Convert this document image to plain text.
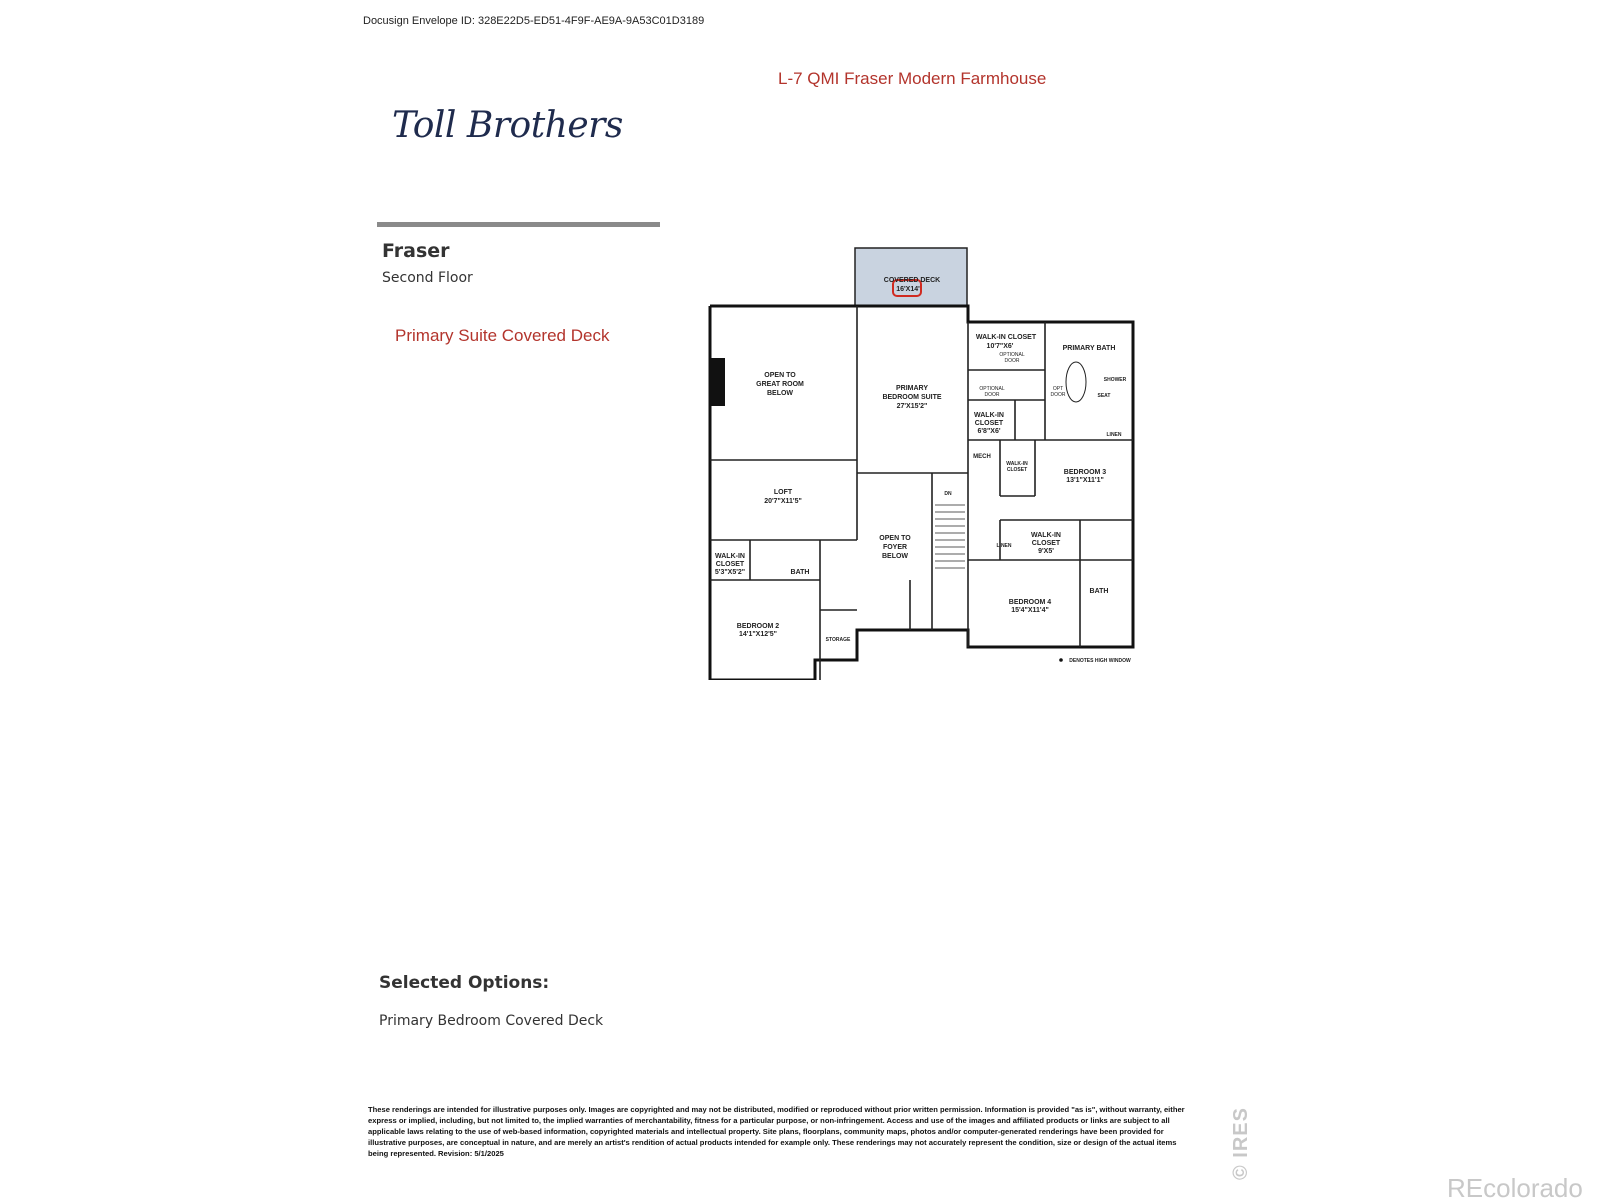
Docusign Envelope ID: 328E22D5-ED51-4F9F-AE9A-9A53C01D3189
L-7 QMI Fraser Modern Farmhouse
Toll Brothers
Fraser
Second Floor
Primary Suite Covered Deck
COVERED DECK
16'X14'
OPEN TO
GREAT ROOM
BELOW
PRIMARY
BEDROOM SUITE
27'X15'2"
WALK-IN CLOSET
10'7"X6'
OPTIONAL
DOOR
OPTIONAL
DOOR
OPT
DOOR
PRIMARY BATH
SHOWER
SEAT
WALK-IN
CLOSET
6'8"X6'	LINEN
MECH
WALK-IN
CLOSET	BEDROOM 3
13'1"X11'1"
LOFT
20'7"X11'5"
DN
OPEN TO
FOYER
BELOW
LINEN
WALK-IN
CLOSET
9'X5'
WALK-IN
CLOSET
5'3"X5'2"	BATH
BATH
BEDROOM 4
15'4"X11'4"
BEDROOM 2
14'1"X12'5"
STORAGE
DENOTES HIGH WINDOW
Selected Options:
Primary Bedroom Covered Deck
These renderings are intended for illustrative purposes only. Images are copyrighted and may not be distributed, modified or reproduced without prior written permission. Information is provided "as is", without warranty, either express or implied, including, but not limited to, the implied warranties of merchantability, fitness for a particular purpose, or non-infringement. Access and use of the images and affiliated products or links are subject to all applicable laws relating to the use of web-based information, copyrighted materials and intellectual property. Site plans, floorplans, community maps, photos and/or computer-generated renderings have been provided for illustrative purposes, are conceptual in nature, and are merely an artist's rendition of actual products intended for example only. These renderings may not accurately represent the condition, size or design of the actual items being represented. Revision: 5/1/2025	© IRES
REcolorado
